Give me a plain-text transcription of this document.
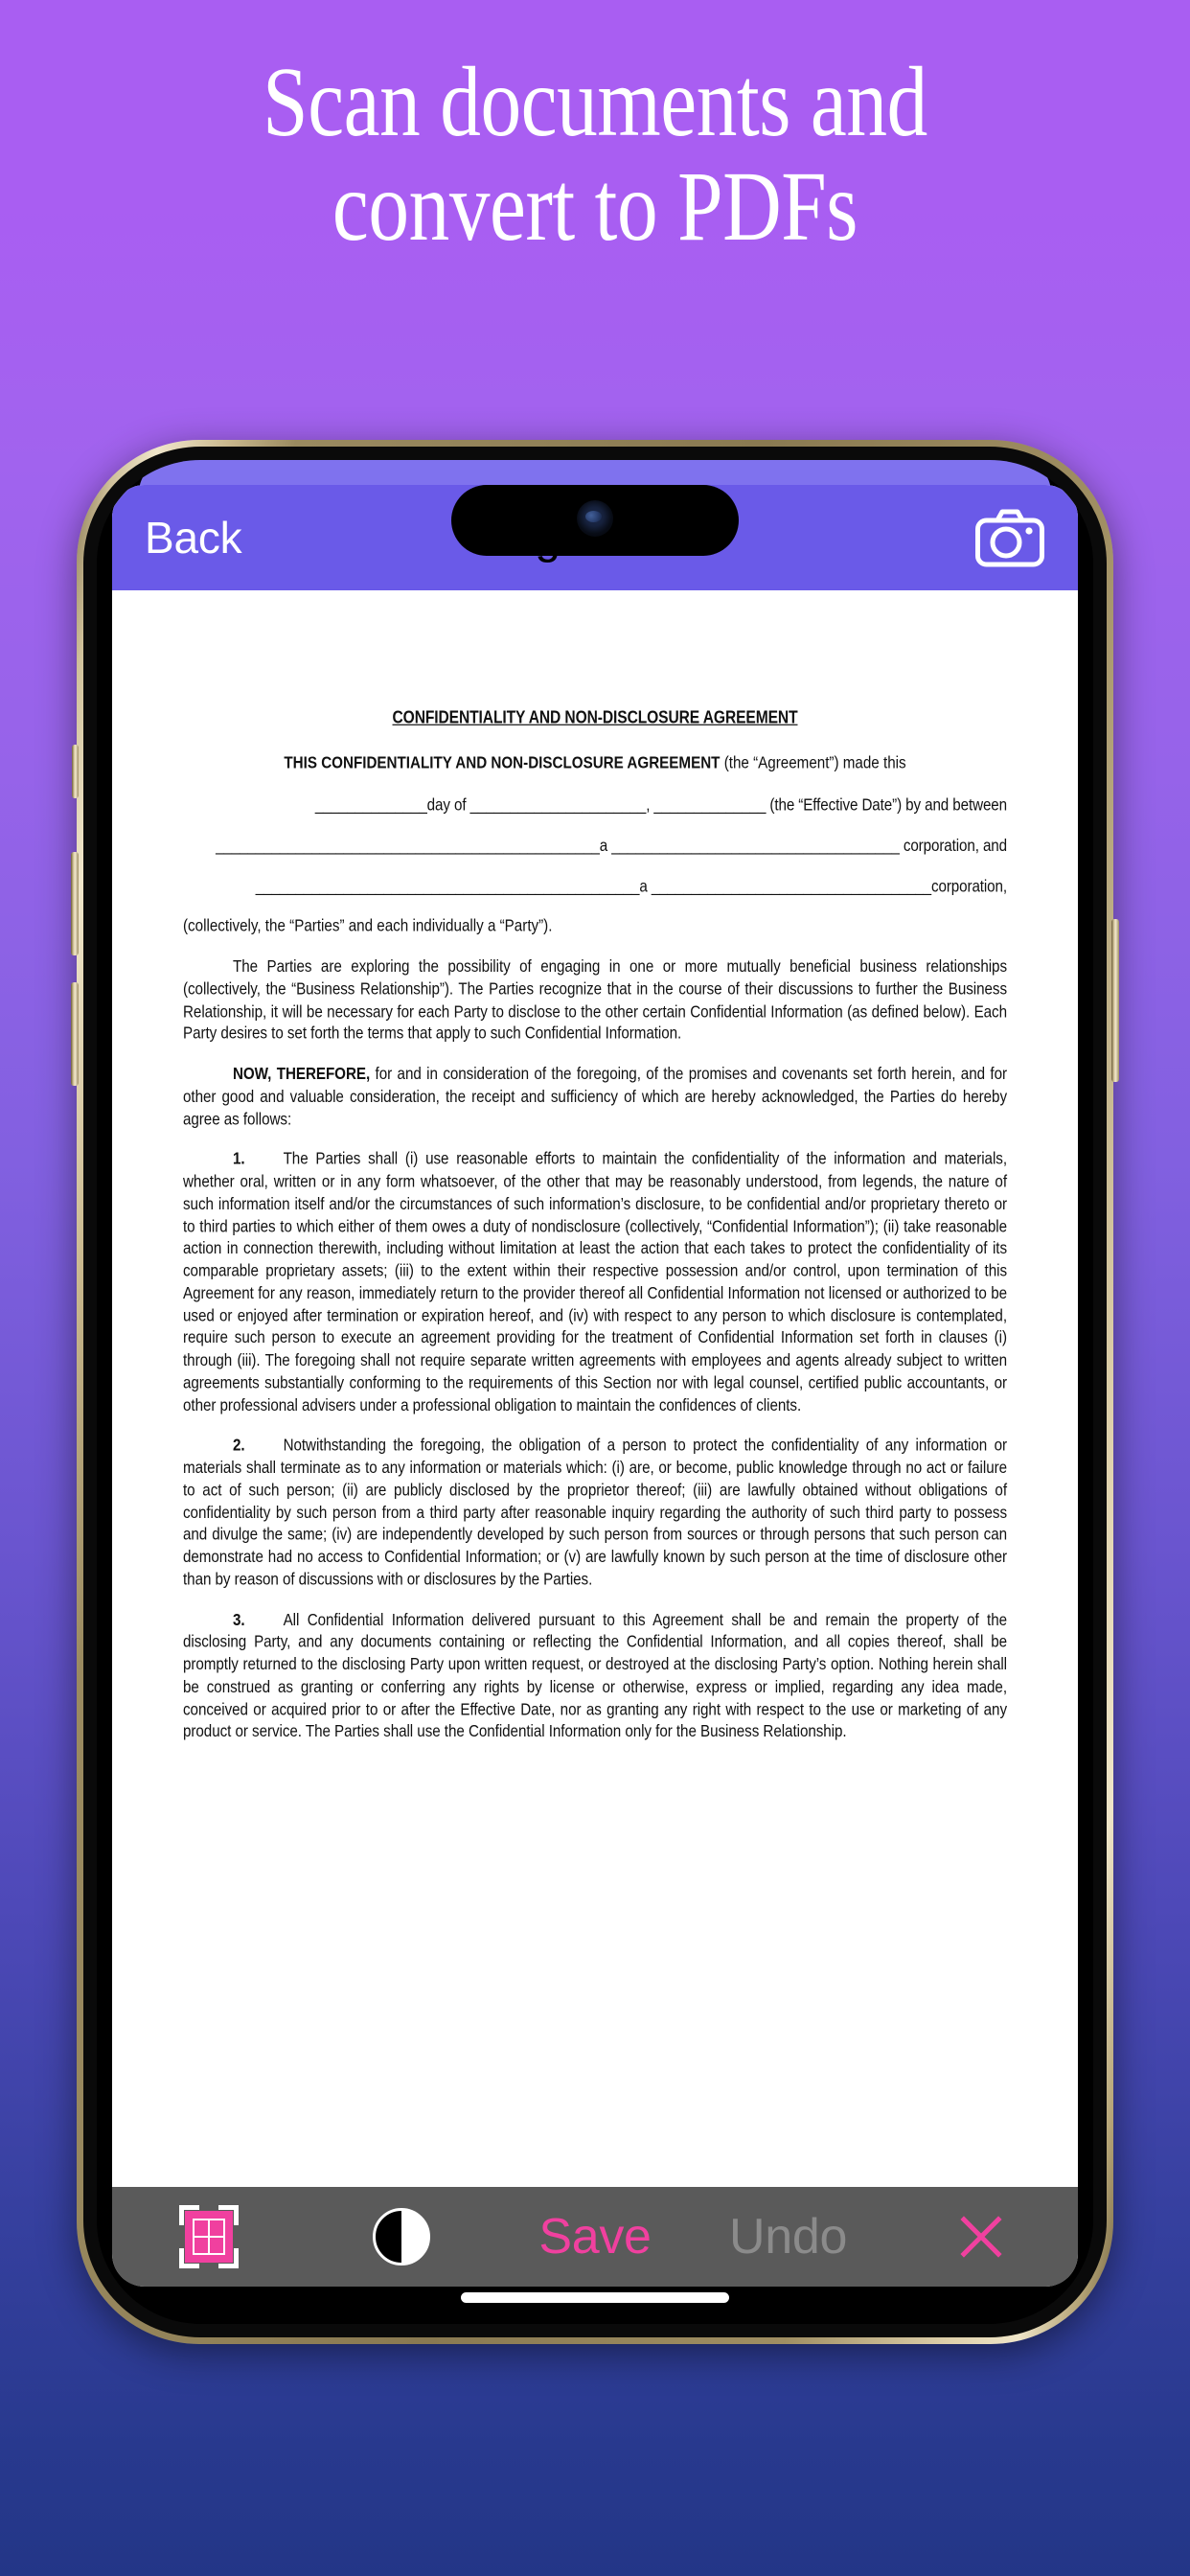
Scan documents and
convert to PDFs
Back
CONFIDENTIALITY AND NON-DISCLOSURE AGREEMENT
THIS CONFIDENTIALITY AND NON-DISCLOSURE AGREEMENT (the “Agreement”) made this
______________day of ______________________, ______________ (the “Effective Date”) by and between
________________________________________________a ____________________________________ corporation, and
________________________________________________a ___________________________________corporation,
(collectively, the “Parties” and each individually a “Party”).
The Parties are exploring the possibility of engaging in one or more mutually beneficial business relationships (collectively, the “Business Relationship”). The Parties recognize that in the course of their discussions to further the Business Relationship, it will be necessary for each Party to disclose to the other certain Confidential Information (as defined below). Each Party desires to set forth the terms that apply to such Confidential Information.
NOW, THEREFORE, for and in consideration of the foregoing, of the promises and covenants set forth herein, and for other good and valuable consideration, the receipt and sufficiency of which are hereby acknowledged, the Parties do hereby agree as follows:
1.	The Parties shall (i) use reasonable efforts to maintain the confidentiality of the information and materials, whether oral, written or in any form whatsoever, of the other that may be reasonably understood, from legends, the nature of such information itself and/or the circumstances of such information’s disclosure, to be confidential and/or proprietary thereto or to third parties to which either of them owes a duty of nondisclosure (collectively, “Confidential Information”); (ii) take reasonable action in connection therewith, including without limitation at least the action that each takes to protect the confidentiality of its comparable proprietary assets; (iii) to the extent within their respective possession and/or control, upon termination of this Agreement for any reason, immediately return to the provider thereof all Confidential Information not licensed or authorized to be used or enjoyed after termination or expiration hereof, and (iv) with respect to any person to which disclosure is contemplated, require such person to execute an agreement providing for the treatment of Confidential Information set forth in clauses (i) through (iii). The foregoing shall not require separate written agreements with employees and agents already subject to written agreements substantially conforming to the requirements of this Section nor with legal counsel, certified public accountants, or other professional advisers under a professional obligation to maintain the confidences of clients.
2.	Notwithstanding the foregoing, the obligation of a person to protect the confidentiality of any information or materials shall terminate as to any information or materials which: (i) are, or become, public knowledge through no act or failure to act of such person; (ii) are publicly disclosed by the proprietor thereof; (iii) are lawfully obtained without obligations of confidentiality by such person from a third party after reasonable inquiry regarding the authority of such third party to possess and divulge the same; (iv) are independently developed by such person from sources or through persons that such person can demonstrate had no access to Confidential Information; or (v) are lawfully known by such person at the time of disclosure other than by reason of discussions with or disclosures by the Parties.
3.	All Confidential Information delivered pursuant to this Agreement shall be and remain the property of the disclosing Party, and any documents containing or reflecting the Confidential Information, and all copies thereof, shall be promptly returned to the disclosing Party upon written request, or destroyed at the disclosing Party’s option. Nothing herein shall be construed as granting or conferring any rights by license or otherwise, express or implied, regarding any idea made, conceived or acquired prior to or after the Effective Date, nor as granting any right with respect to the use or marketing of any product or service. The Parties shall use the Confidential Information only for the Business Relationship.
Save Undo
